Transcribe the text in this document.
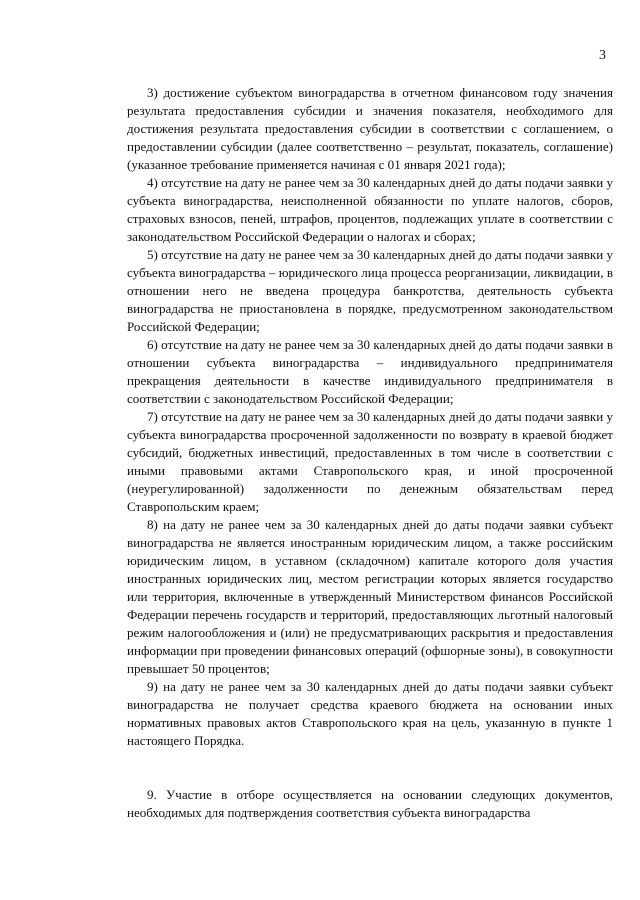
3

3) достижение субъектом виноградарства в отчетном финансовом году значения результата предоставления субсидии и значения показателя, необходимого для достижения результата предоставления субсидии в соответствии с соглашением, о предоставлении субсидии (далее соответственно – результат, показатель, соглашение) (указанное требование применяется начиная с 01 января 2021 года);

4) отсутствие на дату не ранее чем за 30 календарных дней до даты подачи заявки у субъекта виноградарства, неисполненной обязанности по уплате налогов, сборов, страховых взносов, пеней, штрафов, процентов, подлежащих уплате в соответствии с законодательством Российской Федерации о налогах и сборах;

5) отсутствие на дату не ранее чем за 30 календарных дней до даты подачи заявки у субъекта виноградарства – юридического лица процесса реорганизации, ликвидации, в отношении него не введена процедура банкротства, деятельность субъекта виноградарства не приостановлена в порядке, предусмотренном законодательством Российской Федерации;

6) отсутствие на дату не ранее чем за 30 календарных дней до даты подачи заявки в отношении субъекта виноградарства – индивидуального предпринимателя прекращения деятельности в качестве индивидуального предпринимателя в соответствии с законодательством Российской Федерации;

7) отсутствие на дату не ранее чем за 30 календарных дней до даты подачи заявки у субъекта виноградарства просроченной задолженности по возврату в краевой бюджет субсидий, бюджетных инвестиций, предоставленных в том числе в соответствии с иными правовыми актами Ставропольского края, и иной просроченной (неурегулированной) задолженности по денежным обязательствам перед Ставропольским краем;

8) на дату не ранее чем за 30 календарных дней до даты подачи заявки субъект виноградарства не является иностранным юридическим лицом, а также российским юридическим лицом, в уставном (складочном) капитале которого доля участия иностранных юридических лиц, местом регистрации которых является государство или территория, включенные в утвержденный Министерством финансов Российской Федерации перечень государств и территорий, предоставляющих льготный налоговый режим налогообложения и (или) не предусматривающих раскрытия и предоставления информации при проведении финансовых операций (офшорные зоны), в совокупности превышает 50 процентов;

9) на дату не ранее чем за 30 календарных дней до даты подачи заявки субъект виноградарства не получает средства краевого бюджета на основании иных нормативных правовых актов Ставропольского края на цель, указанную в пункте 1 настоящего Порядка.

9. Участие в отборе осуществляется на основании следующих документов, необходимых для подтверждения соответствия субъекта виноградарства
